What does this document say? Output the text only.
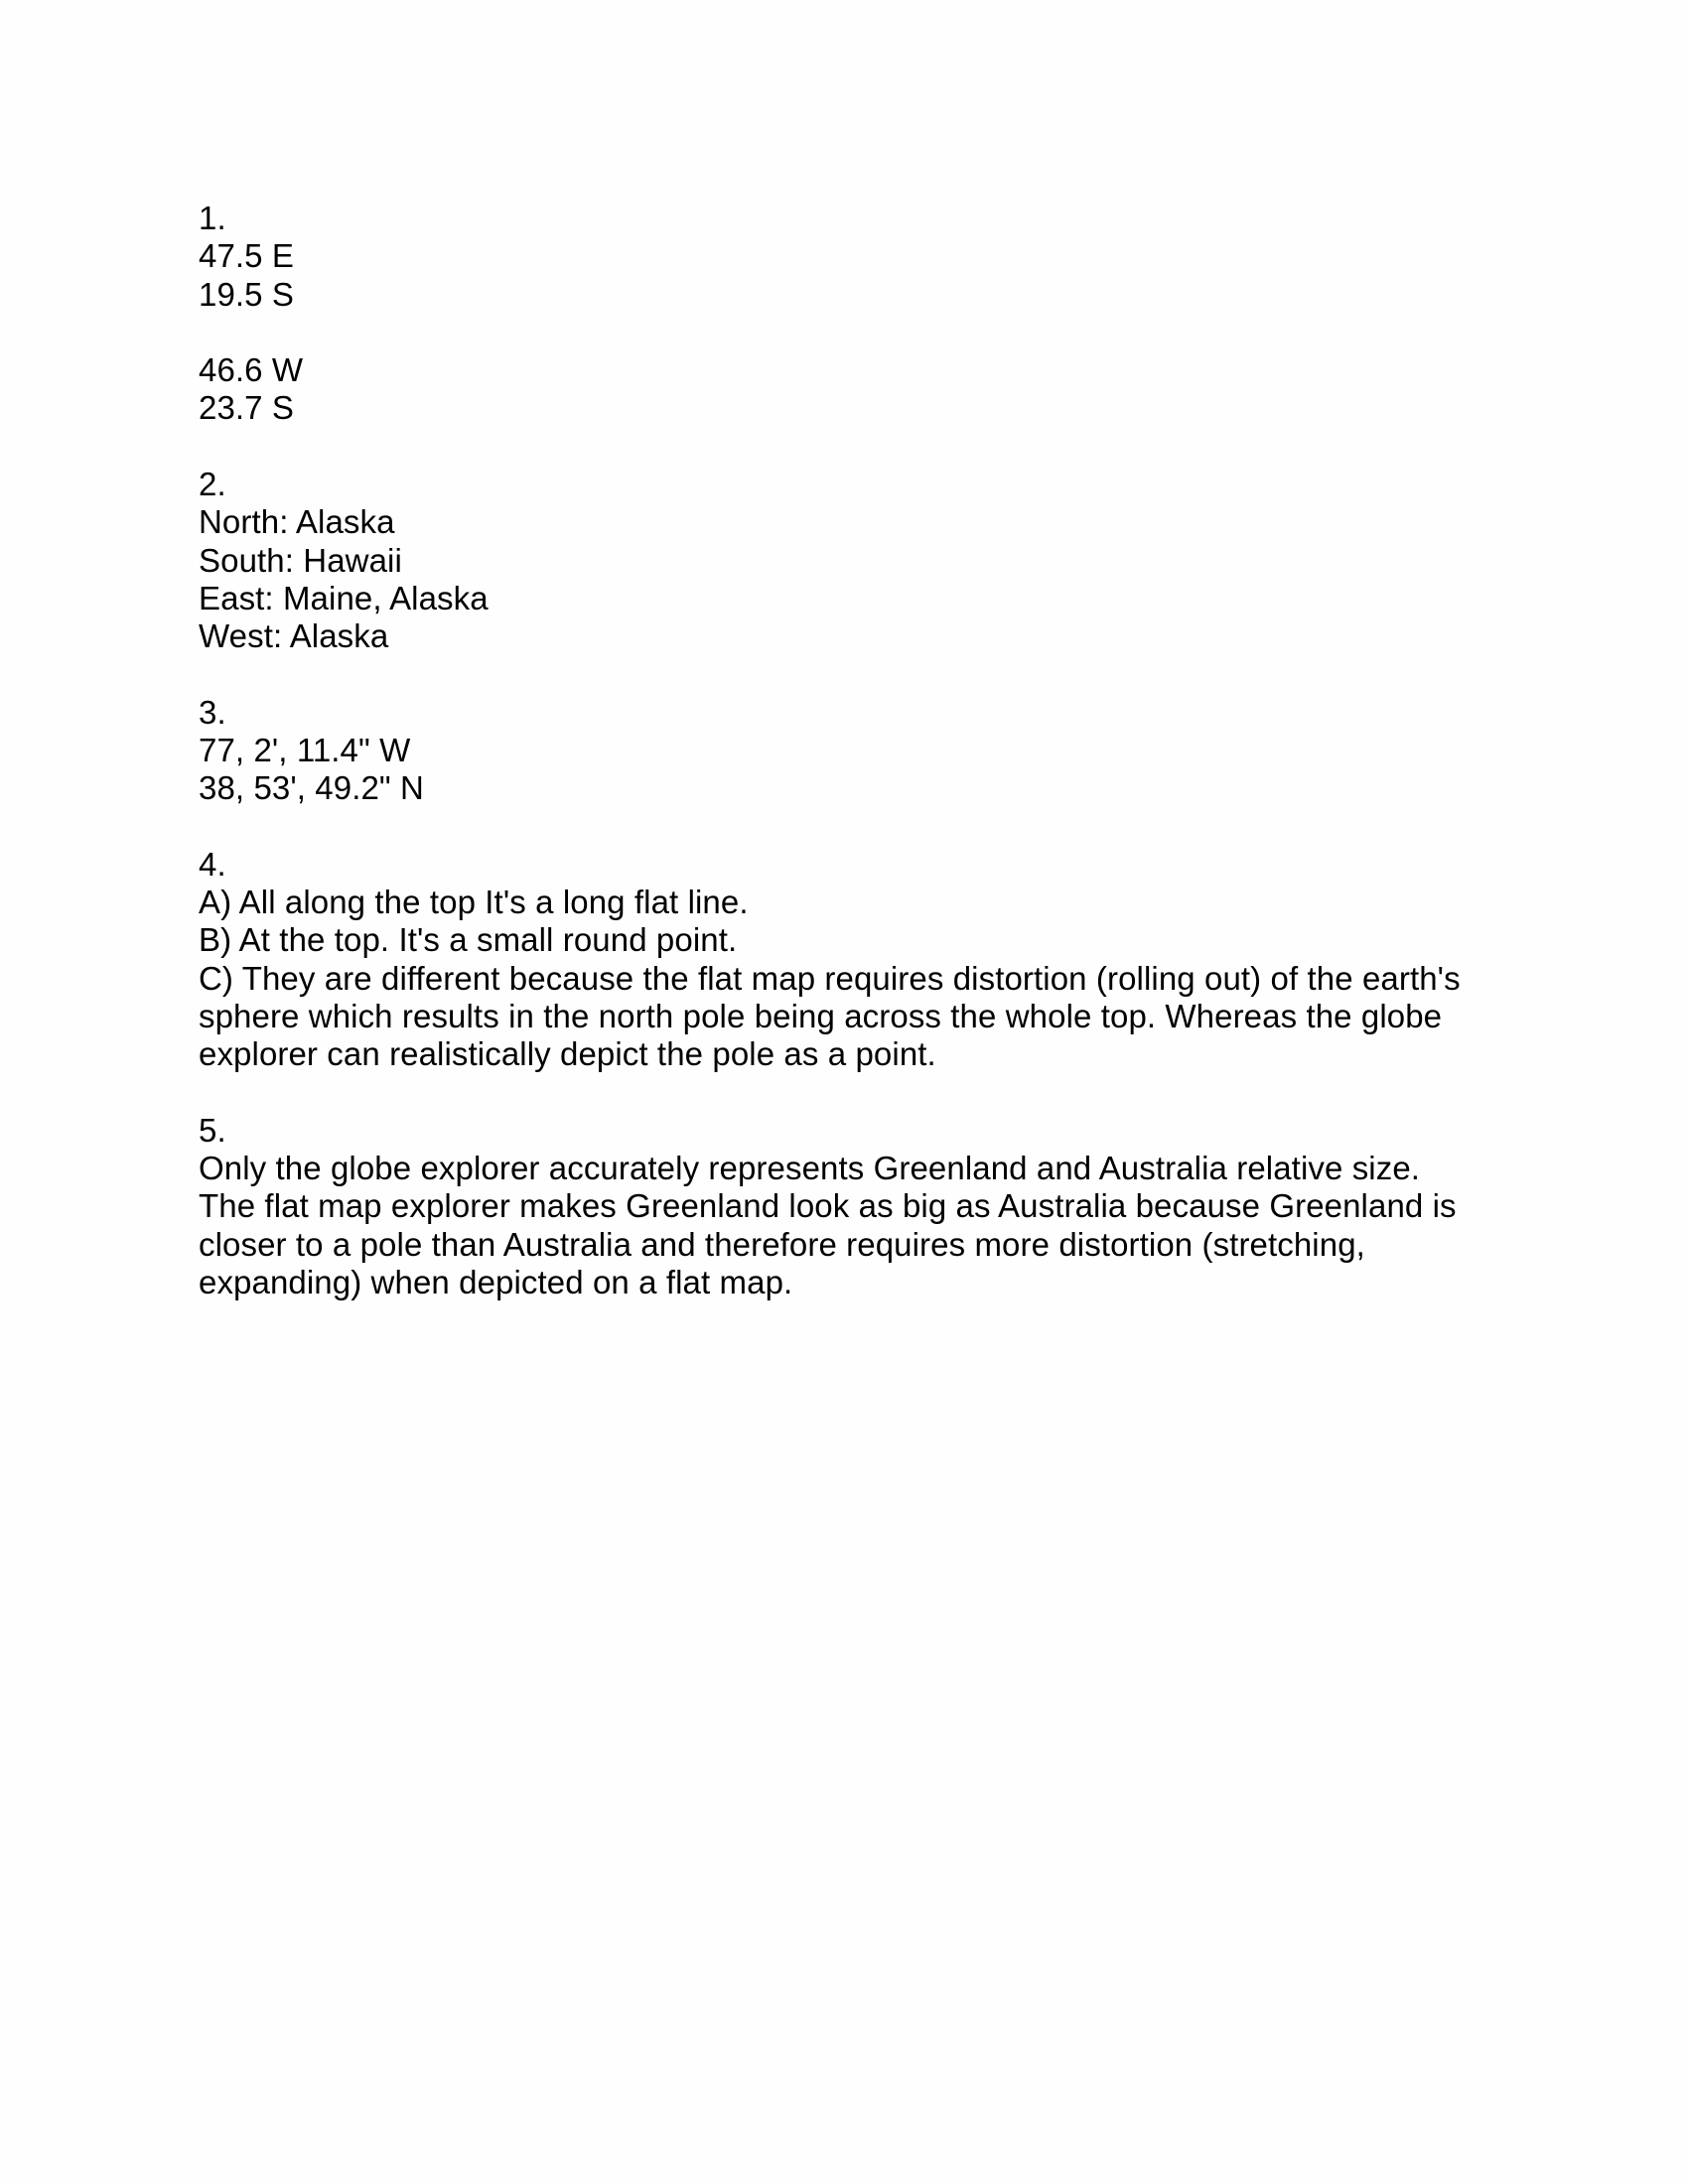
1.
47.5 E
19.5 S
46.6 W
23.7 S
2.
North: Alaska
South: Hawaii
East: Maine, Alaska
West: Alaska
3.
77, 2', 11.4" W
38, 53', 49.2" N
4.
A) All along the top It's a long flat line.
B) At the top. It's a small round point.
C) They are different because the flat map requires distortion (rolling out) of the earth's
sphere which results in the north pole being across the whole top. Whereas the globe
explorer can realistically depict the pole as a point.
5.
Only the globe explorer accurately represents Greenland and Australia relative size.
The flat map explorer makes Greenland look as big as Australia because Greenland is
closer to a pole than Australia and therefore requires more distortion (stretching,
expanding) when depicted on a flat map.
